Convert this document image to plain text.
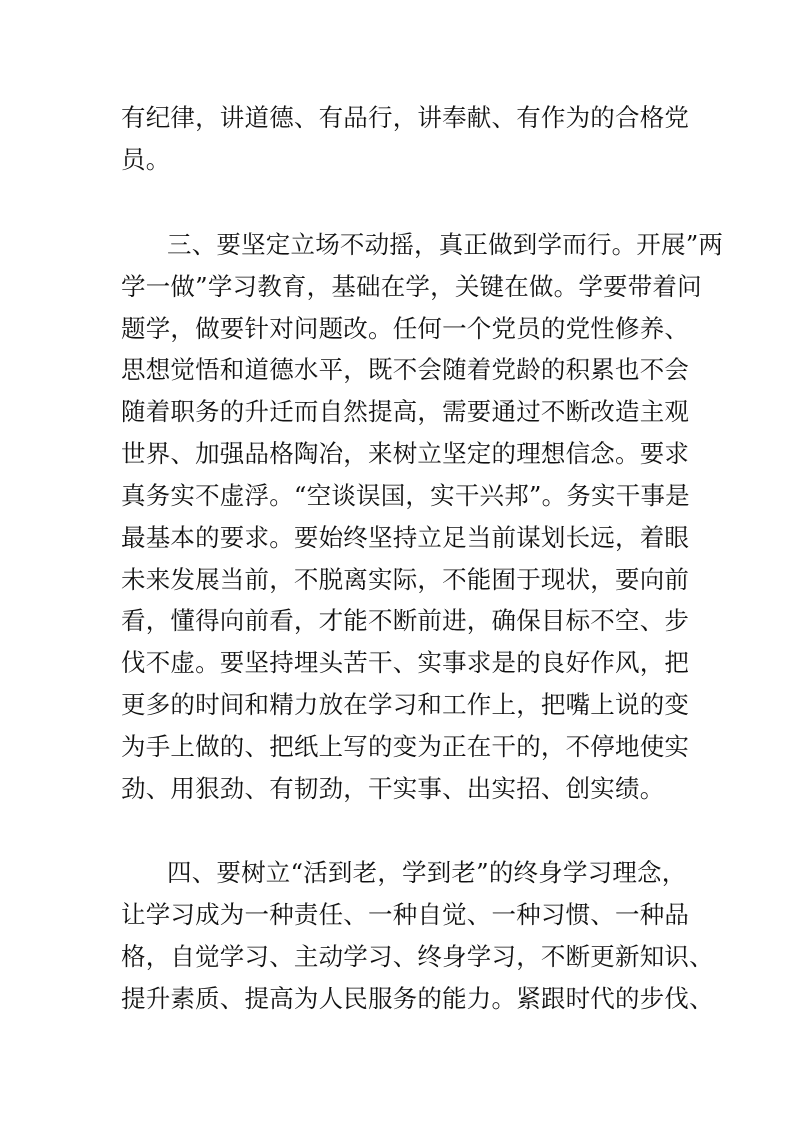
有纪律，讲道德、有品行，讲奉献、有作为的合格党
员。
三、要坚定立场不动摇，真正做到学而行。开展”两
学一做”学习教育，基础在学，关键在做。学要带着问
题学，做要针对问题改。任何一个党员的党性修养、
思想觉悟和道德水平，既不会随着党龄的积累也不会
随着职务的升迁而自然提高，需要通过不断改造主观
世界、加强品格陶冶，来树立坚定的理想信念。要求
真务实不虚浮。“空谈误国，实干兴邦”。务实干事是
最基本的要求。要始终坚持立足当前谋划长远，着眼
未来发展当前，不脱离实际，不能囿于现状，要向前
看，懂得向前看，才能不断前进，确保目标不空、步
伐不虚。要坚持埋头苦干、实事求是的良好作风，把
更多的时间和精力放在学习和工作上，把嘴上说的变
为手上做的、把纸上写的变为正在干的，不停地使实
劲、用狠劲、有韧劲，干实事、出实招、创实绩。
四、要树立“活到老，学到老”的终身学习理念，
让学习成为一种责任、一种自觉、一种习惯、一种品
格，自觉学习、主动学习、终身学习，不断更新知识、
提升素质、提高为人民服务的能力。紧跟时代的步伐、
